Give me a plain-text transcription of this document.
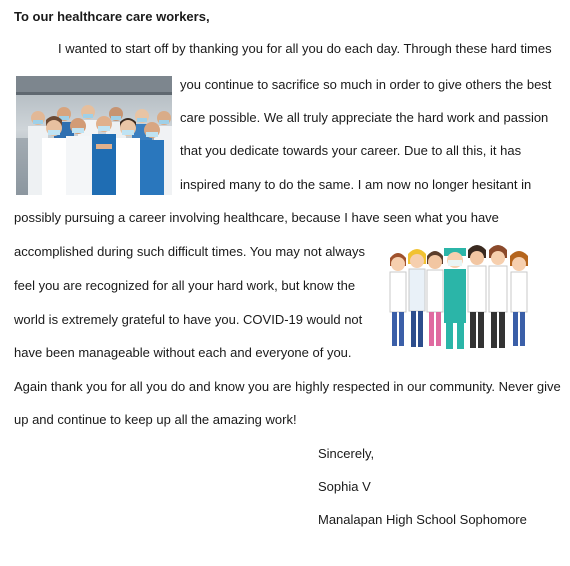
To our healthcare care workers,
I wanted to start off by thanking you for all you do each day. Through these hard times
you continue to sacrifice so much in order to give others the best
care possible. We all truly appreciate the hard work and passion
that you dedicate towards your career. Due to all this, it has
inspired many to do the same. I am now no longer hesitant in
possibly pursuing a career involving healthcare, because I have seen what you have
accomplished during such difficult times. You may not always
feel you are recognized for all your hard work, but know the
world is extremely grateful to have you. COVID-19 would not
have been manageable without each and everyone of you.
Again thank you for all you do and know you are highly respected in our community. Never give
up and continue to keep up all the amazing work!
Sincerely,
Sophia V
Manalapan High School Sophomore
